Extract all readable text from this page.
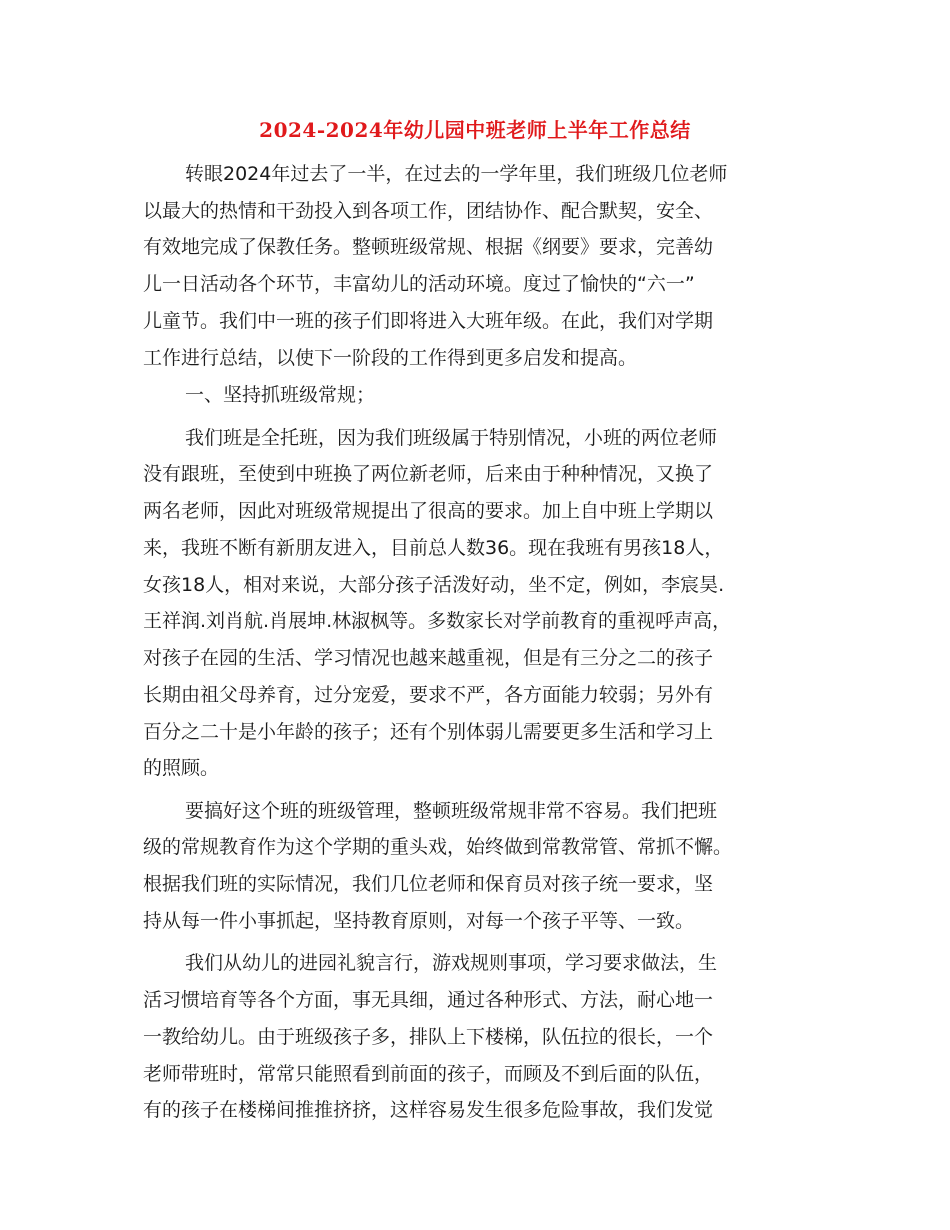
2024-2024年幼儿园中班老师上半年工作总结
转眼2024年过去了一半，在过去的一学年里，我们班级几位老师
以最大的热情和干劲投入到各项工作，团结协作、配合默契，安全、
有效地完成了保教任务。整顿班级常规、根据《纲要》要求，完善幼
儿一日活动各个环节，丰富幼儿的活动环境。度过了愉快的“六一”
儿童节。我们中一班的孩子们即将进入大班年级。在此，我们对学期
工作进行总结，以使下一阶段的工作得到更多启发和提高。
一、坚持抓班级常规；
我们班是全托班，因为我们班级属于特别情况，小班的两位老师
没有跟班，至使到中班换了两位新老师，后来由于种种情况，又换了
两名老师，因此对班级常规提出了很高的要求。加上自中班上学期以
来，我班不断有新朋友进入，目前总人数36。现在我班有男孩18人，
女孩18人，相对来说，大部分孩子活泼好动，坐不定，例如，李宸昊.
王祥润.刘肖航.肖展坤.林淑枫等。多数家长对学前教育的重视呼声高，
对孩子在园的生活、学习情况也越来越重视，但是有三分之二的孩子
长期由祖父母养育，过分宠爱，要求不严，各方面能力较弱；另外有
百分之二十是小年龄的孩子；还有个别体弱儿需要更多生活和学习上
的照顾。
要搞好这个班的班级管理，整顿班级常规非常不容易。我们把班
级的常规教育作为这个学期的重头戏，始终做到常教常管、常抓不懈。
根据我们班的实际情况，我们几位老师和保育员对孩子统一要求，坚
持从每一件小事抓起，坚持教育原则，对每一个孩子平等、一致。
我们从幼儿的进园礼貌言行，游戏规则事项，学习要求做法，生
活习惯培育等各个方面，事无具细，通过各种形式、方法，耐心地一
一教给幼儿。由于班级孩子多，排队上下楼梯，队伍拉的很长，一个
老师带班时，常常只能照看到前面的孩子，而顾及不到后面的队伍，
有的孩子在楼梯间推推挤挤，这样容易发生很多危险事故，我们发觉
